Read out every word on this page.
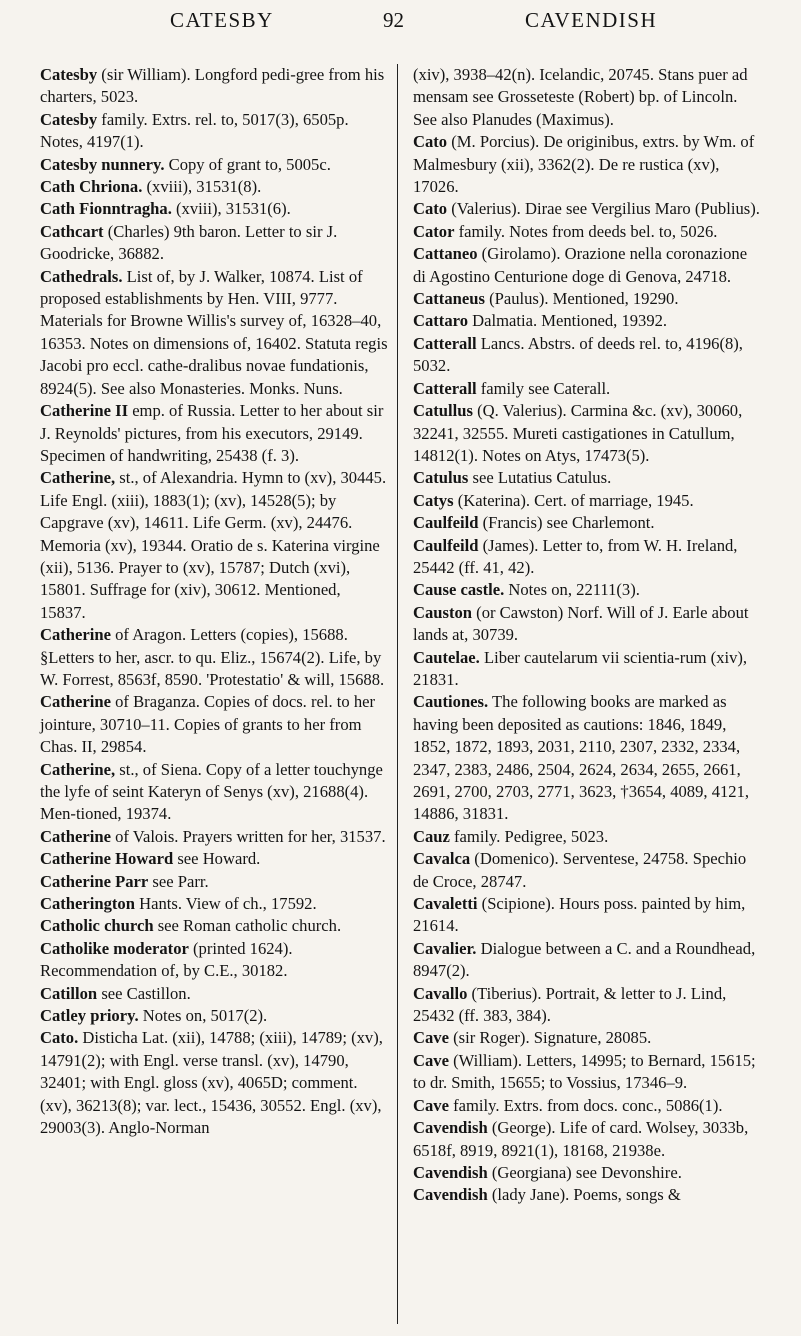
CATESBY	92	CAVENDISH

Catesby (sir William). Longford pedi-gree from his charters, 5023.

Catesby family. Extrs. rel. to, 5017(3), 6505p. Notes, 4197(1).

Catesby nunnery. Copy of grant to, 5005c.

Cath Chriona. (xviii), 31531(8).

Cath Fionntragha. (xviii), 31531(6).

Cathcart (Charles) 9th baron. Letter to sir J. Goodricke, 36882.

Cathedrals. List of, by J. Walker, 10874. List of proposed establishments by Hen. VIII, 9777. Materials for Browne Willis's survey of, 16328–40, 16353. Notes on dimensions of, 16402. Statuta regis Jacobi pro eccl. cathe-dralibus novae fundationis, 8924(5). See also Monasteries. Monks. Nuns.

Catherine II emp. of Russia. Letter to her about sir J. Reynolds' pictures, from his executors, 29149. Specimen of handwriting, 25438 (f. 3).

Catherine, st., of Alexandria. Hymn to (xv), 30445. Life Engl. (xiii), 1883(1); (xv), 14528(5); by Capgrave (xv), 14611. Life Germ. (xv), 24476. Memoria (xv), 19344. Oratio de s. Katerina virgine (xii), 5136. Prayer to (xv), 15787; Dutch (xvi), 15801. Suffrage for (xiv), 30612. Mentioned, 15837.

Catherine of Aragon. Letters (copies), 15688. §Letters to her, ascr. to qu. Eliz., 15674(2). Life, by W. Forrest, 8563f, 8590. 'Protestatio' & will, 15688.

Catherine of Braganza. Copies of docs. rel. to her jointure, 30710–11. Copies of grants to her from Chas. II, 29854.

Catherine, st., of Siena. Copy of a letter touchynge the lyfe of seint Kateryn of Senys (xv), 21688(4). Men-tioned, 19374.

Catherine of Valois. Prayers written for her, 31537.

Catherine Howard see Howard.

Catherine Parr see Parr.

Catherington Hants. View of ch., 17592.

Catholic church see Roman catholic church.

Catholike moderator (printed 1624). Recommendation of, by C.E., 30182.

Catillon see Castillon.

Catley priory. Notes on, 5017(2).

Cato. Disticha Lat. (xii), 14788; (xiii), 14789; (xv), 14791(2); with Engl. verse transl. (xv), 14790, 32401; with Engl. gloss (xv), 4065D; comment. (xv), 36213(8); var. lect., 15436, 30552. Engl. (xv), 29003(3). Anglo-Norman

(xiv), 3938–42(n). Icelandic, 20745. Stans puer ad mensam see Grosseteste (Robert) bp. of Lincoln. See also Planudes (Maximus).

Cato (M. Porcius). De originibus, extrs. by Wm. of Malmesbury (xii), 3362(2). De re rustica (xv), 17026.

Cato (Valerius). Dirae see Vergilius Maro (Publius).

Cator family. Notes from deeds bel. to, 5026.

Cattaneo (Girolamo). Orazione nella coronazione di Agostino Centurione doge di Genova, 24718.

Cattaneus (Paulus). Mentioned, 19290.

Cattaro Dalmatia. Mentioned, 19392.

Catterall Lancs. Abstrs. of deeds rel. to, 4196(8), 5032.

Catterall family see Caterall.

Catullus (Q. Valerius). Carmina &c. (xv), 30060, 32241, 32555. Mureti castigationes in Catullum, 14812(1). Notes on Atys, 17473(5).

Catulus see Lutatius Catulus.

Catys (Katerina). Cert. of marriage, 1945.

Caulfeild (Francis) see Charlemont.

Caulfeild (James). Letter to, from W. H. Ireland, 25442 (ff. 41, 42).

Cause castle. Notes on, 22111(3).

Causton (or Cawston) Norf. Will of J. Earle about lands at, 30739.

Cautelae. Liber cautelarum vii scientia-rum (xiv), 21831.

Cautiones. The following books are marked as having been deposited as cautions: 1846, 1849, 1852, 1872, 1893, 2031, 2110, 2307, 2332, 2334, 2347, 2383, 2486, 2504, 2624, 2634, 2655, 2661, 2691, 2700, 2703, 2771, 3623, †3654, 4089, 4121, 14886, 31831.

Cauz family. Pedigree, 5023.

Cavalca (Domenico). Serventese, 24758. Spechio de Croce, 28747.

Cavaletti (Scipione). Hours poss. painted by him, 21614.

Cavalier. Dialogue between a C. and a Roundhead, 8947(2).

Cavallo (Tiberius). Portrait, & letter to J. Lind, 25432 (ff. 383, 384).

Cave (sir Roger). Signature, 28085.

Cave (William). Letters, 14995; to Bernard, 15615; to dr. Smith, 15655; to Vossius, 17346–9.

Cave family. Extrs. from docs. conc., 5086(1).

Cavendish (George). Life of card. Wolsey, 3033b, 6518f, 8919, 8921(1), 18168, 21938e.

Cavendish (Georgiana) see Devonshire.

Cavendish (lady Jane). Poems, songs &
